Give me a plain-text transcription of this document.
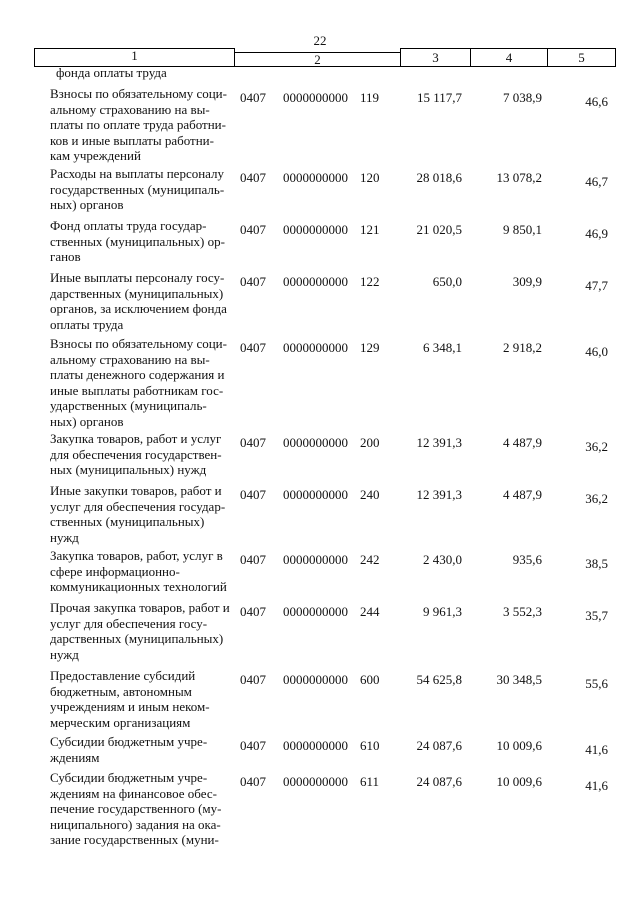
22
1	2	3	4	5
фонда оплаты труда
Взносы по обязательному соци-альному страхованию на вы-платы по оплате труда работни-ков и иные выплаты работни-кам учреждений
0407 0000000000 119	15 117,7	7 038,9	46,6
Расходы на выплаты персоналу государственных (муниципаль-ных) органов
0407 0000000000 120	28 018,6	13 078,2	46,7
Фонд оплаты труда государ-ственных (муниципальных) ор-ганов
0407 0000000000 121	21 020,5	9 850,1	46,9
Иные выплаты персоналу госу-дарственных (муниципальных) органов, за исключением фонда оплаты труда
0407 0000000000 122	650,0	309,9	47,7
Взносы по обязательному соци-альному страхованию на вы-платы денежного содержания и иные выплаты работникам гос-ударственных (муниципаль-ных) органов
0407 0000000000 129	6 348,1	2 918,2	46,0
Закупка товаров, работ и услуг для обеспечения государствен-ных (муниципальных) нужд
0407 0000000000 200	12 391,3	4 487,9	36,2
Иные закупки товаров, работ и услуг для обеспечения государ-ственных (муниципальных) нужд
0407 0000000000 240	12 391,3	4 487,9	36,2
Закупка товаров, работ, услуг в сфере информационно-коммуникационных технологий
0407 0000000000 242	2 430,0	935,6	38,5
Прочая закупка товаров, работ и услуг для обеспечения госу-дарственных (муниципальных) нужд
0407 0000000000 244	9 961,3	3 552,3	35,7
Предоставление субсидий бюджетным, автономным учреждениям и иным неком-мерческим организациям
0407 0000000000 600	54 625,8	30 348,5	55,6
Субсидии бюджетным учре-ждениям
0407 0000000000 610	24 087,6	10 009,6	41,6
Субсидии бюджетным учре-ждениям на финансовое обес-печение государственного (му-ниципального) задания на ока-зание государственных (муни-
0407 0000000000 611	24 087,6	10 009,6	41,6
